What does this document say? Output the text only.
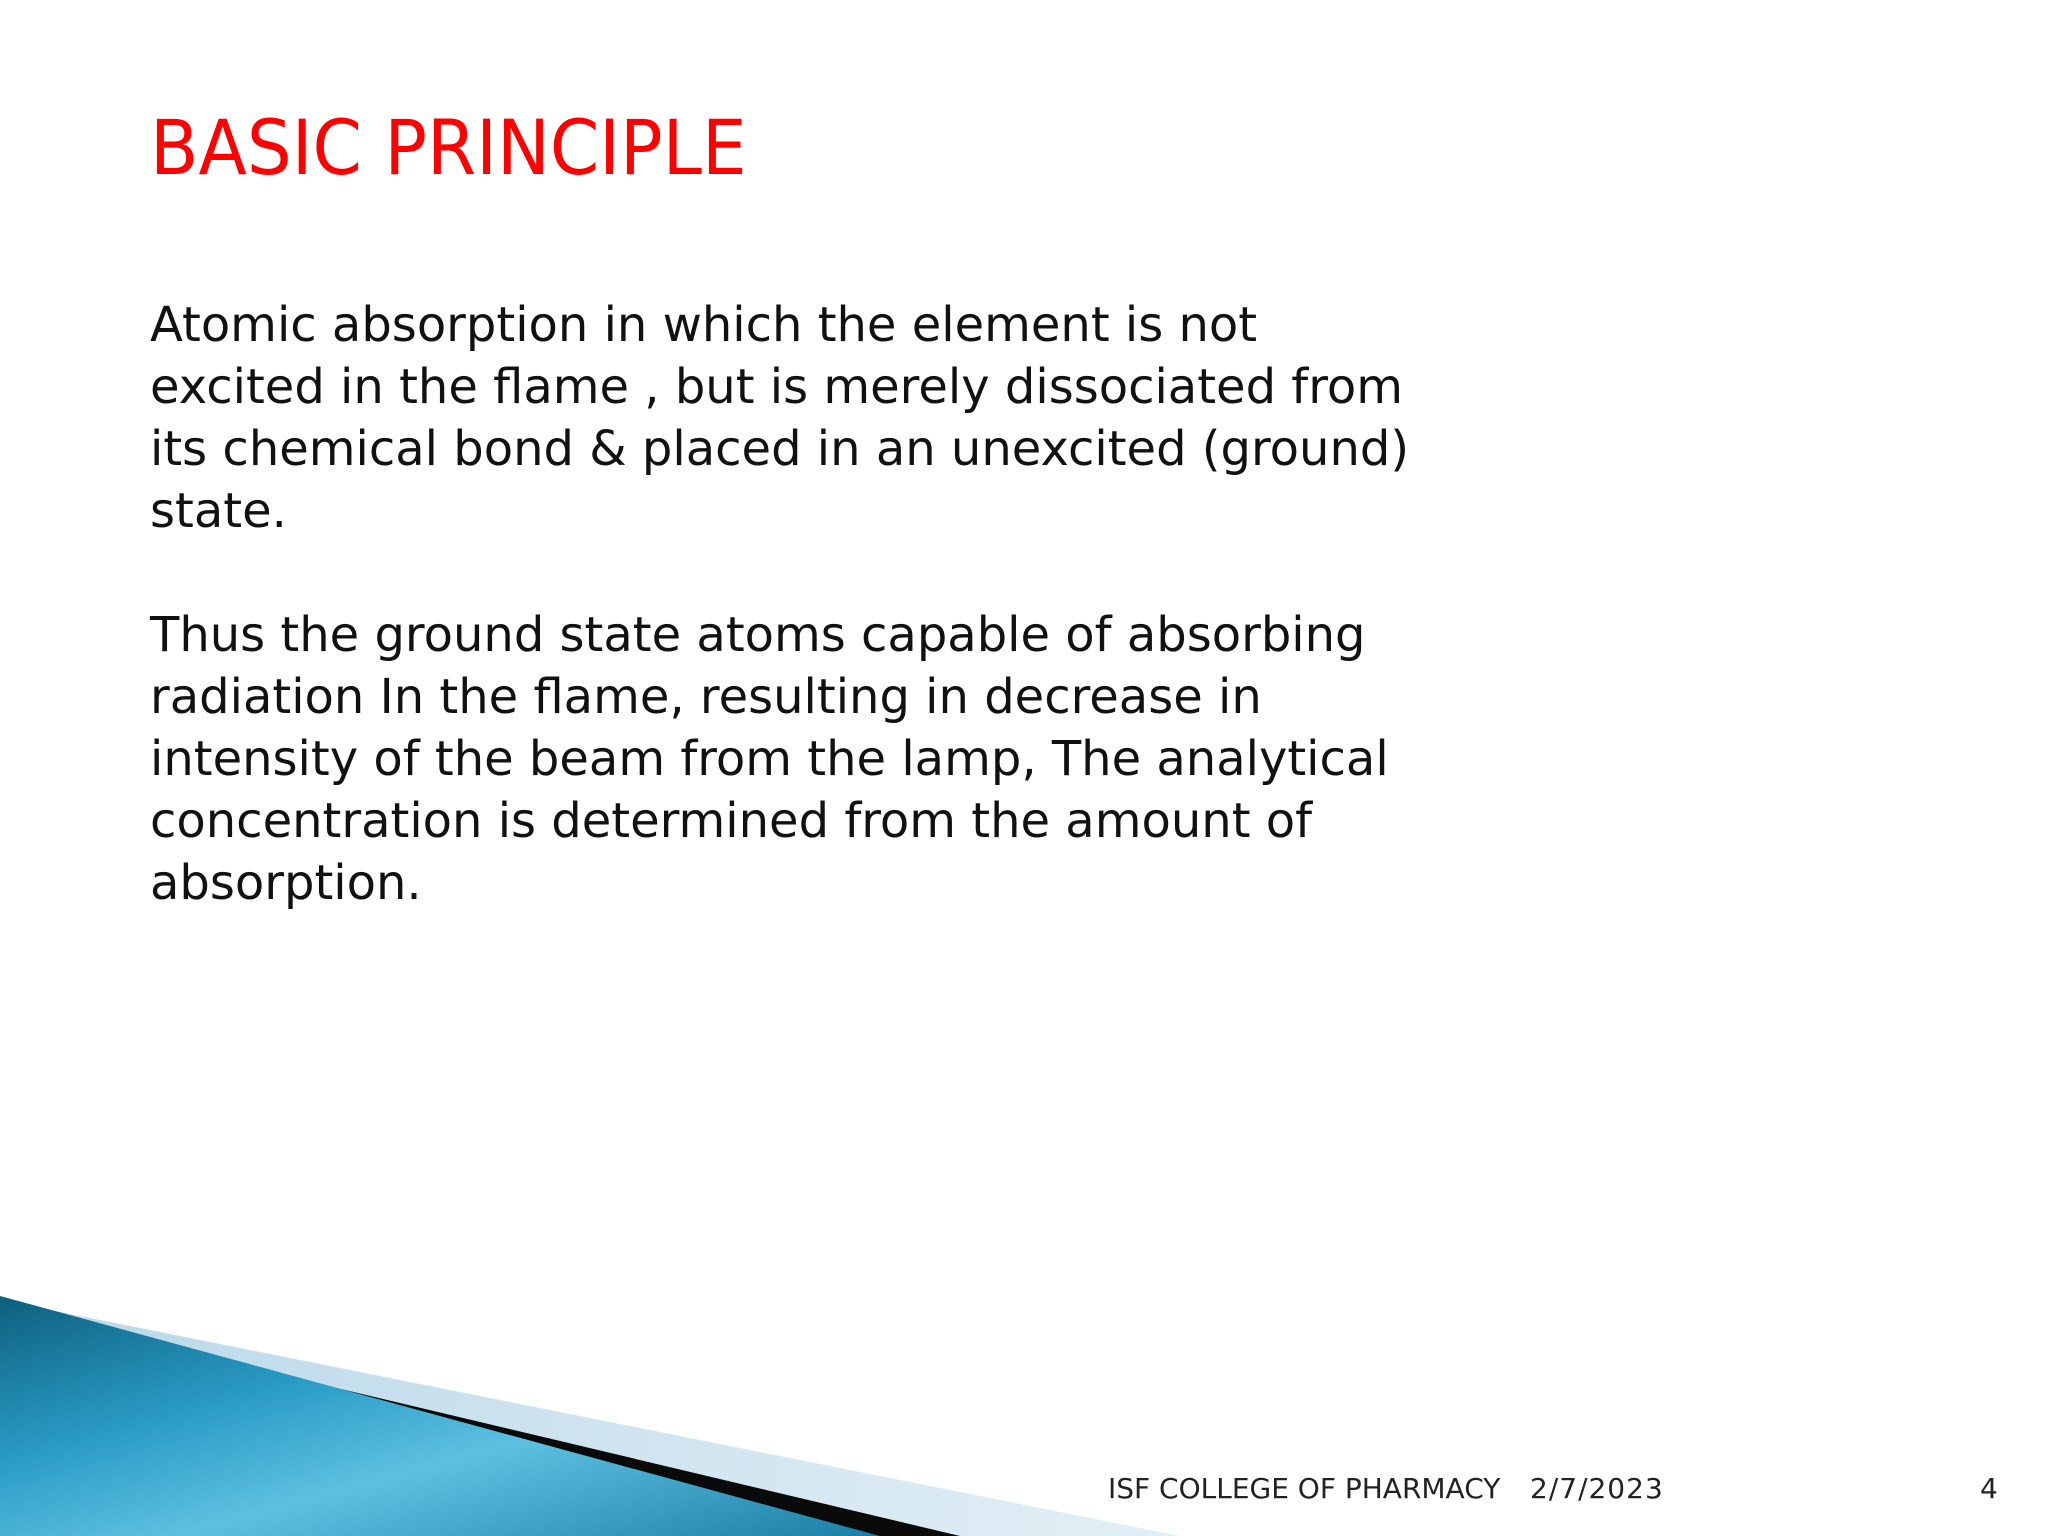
BASIC PRINCIPLE

Atomic absorption in which the element is not
excited in the flame , but is merely dissociated from
its chemical bond & placed in an unexcited (ground)
state.

Thus the ground state atoms capable of absorbing
radiation In the flame, resulting in decrease in
intensity of the beam from the lamp, The analytical
concentration is determined from the amount of
absorption.

ISF COLLEGE OF PHARMACY 2/7/2023	4
